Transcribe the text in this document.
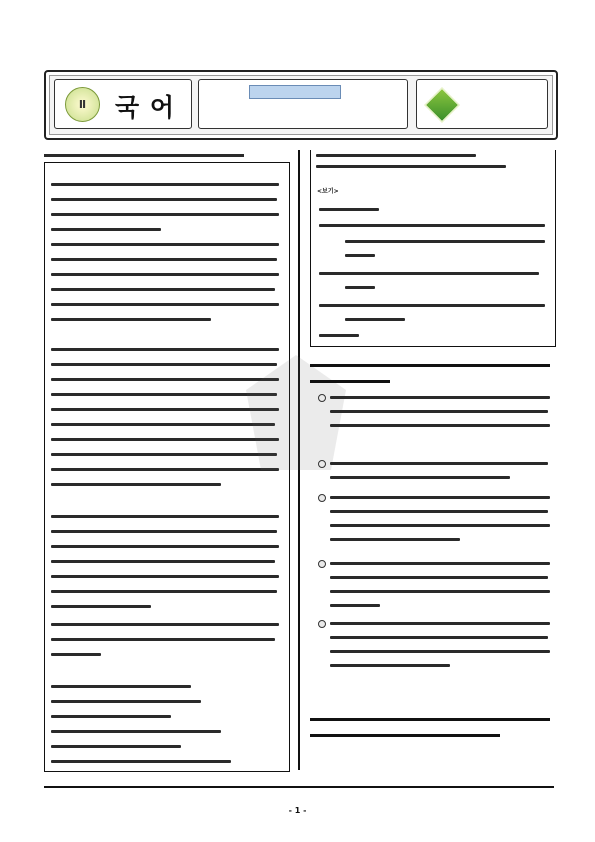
Ⅱ	국 어
<보기>
- 1 -
